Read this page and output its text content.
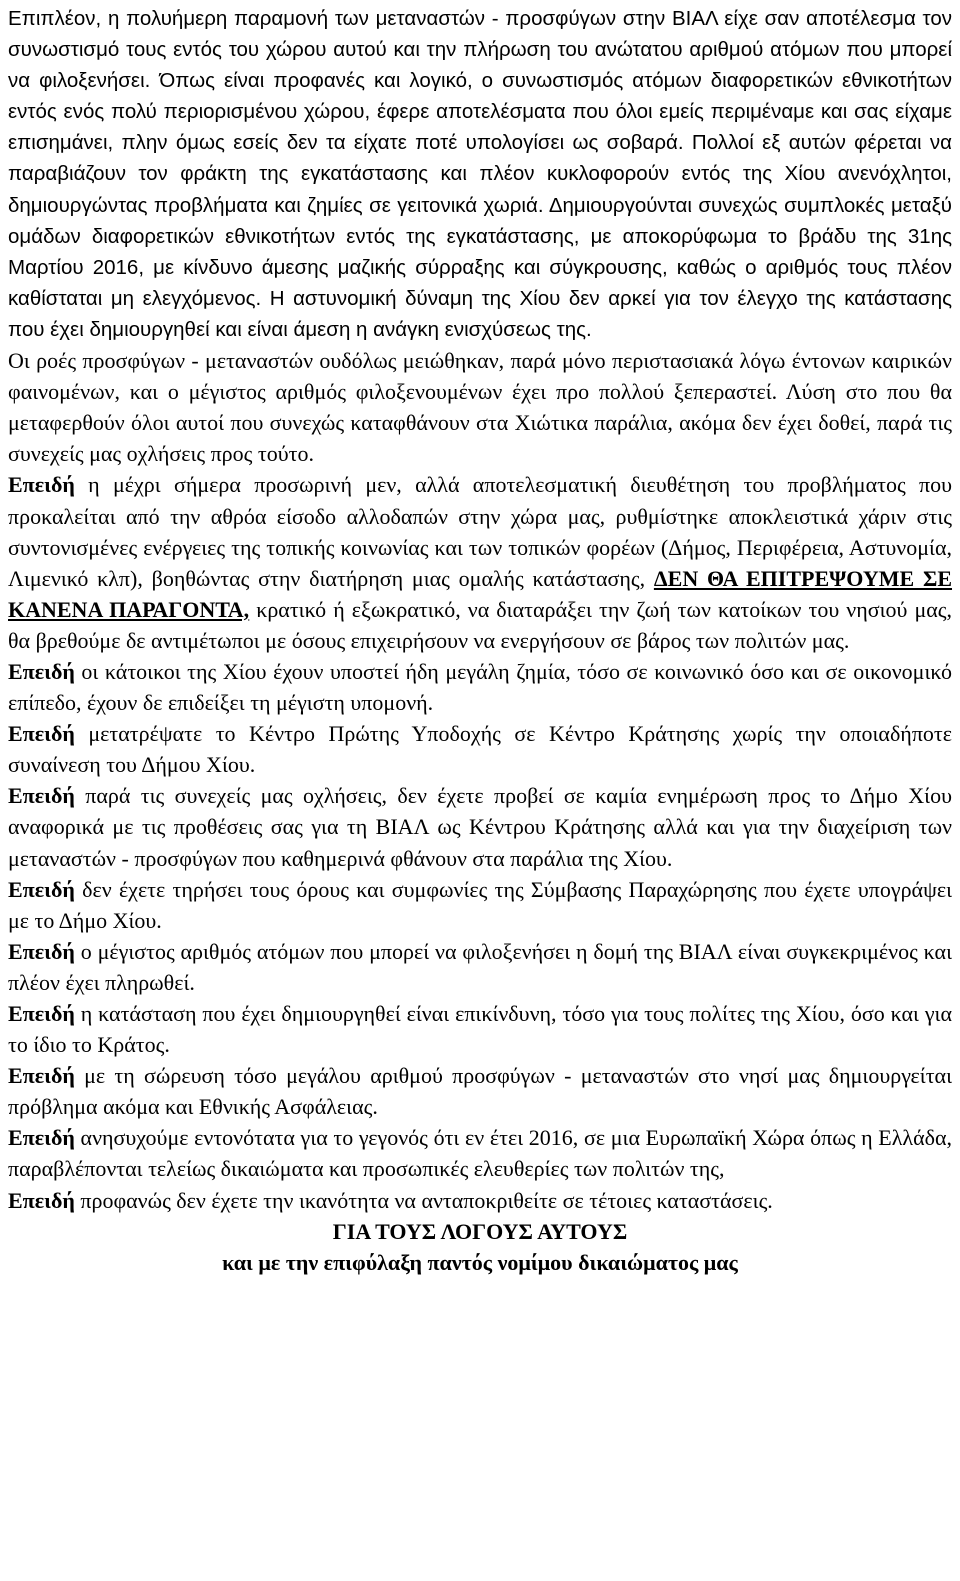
Επιπλέον, η πολυήμερη παραμονή των μεταναστών - προσφύγων στην ΒΙΑΛ είχε σαν αποτέλεσμα τον συνωστισμό τους εντός του χώρου αυτού και την πλήρωση του ανώτατου αριθμού ατόμων που μπορεί να φιλοξενήσει. Όπως είναι προφανές και λογικό, ο συνωστισμός ατόμων διαφορετικών εθνικοτήτων εντός ενός πολύ περιορισμένου χώρου, έφερε αποτελέσματα που όλοι εμείς περιμέναμε και σας είχαμε επισημάνει, πλην όμως εσείς δεν τα είχατε ποτέ υπολογίσει ως σοβαρά. Πολλοί εξ αυτών φέρεται να παραβιάζουν τον φράκτη της εγκατάστασης και πλέον κυκλοφορούν εντός της Χίου ανενόχλητοι, δημιουργώντας προβλήματα και ζημίες σε γειτονικά χωριά. Δημιουργούνται συνεχώς συμπλοκές μεταξύ ομάδων διαφορετικών εθνικοτήτων εντός της εγκατάστασης, με αποκορύφωμα το βράδυ της 31ης Μαρτίου 2016, με κίνδυνο άμεσης μαζικής σύρραξης και σύγκρουσης, καθώς ο αριθμός τους πλέον καθίσταται μη ελεγχόμενος. Η αστυνομική δύναμη της Χίου δεν αρκεί για τον έλεγχο της κατάστασης που έχει δημιουργηθεί και είναι άμεση η ανάγκη ενισχύσεως της.

Οι ροές προσφύγων - μεταναστών ουδόλως μειώθηκαν, παρά μόνο περιστασιακά λόγω έντονων καιρικών φαινομένων, και ο μέγιστος αριθμός φιλοξενουμένων έχει προ πολλού ξεπεραστεί. Λύση στο που θα μεταφερθούν όλοι αυτοί που συνεχώς καταφθάνουν στα Χιώτικα παράλια, ακόμα δεν έχει δοθεί, παρά τις συνεχείς μας οχλήσεις προς τούτο.

Επειδή η μέχρι σήμερα προσωρινή μεν, αλλά αποτελεσματική διευθέτηση του προβλήματος που προκαλείται από την αθρόα είσοδο αλλοδαπών στην χώρα μας, ρυθμίστηκε αποκλειστικά χάριν στις συντονισμένες ενέργειες της τοπικής κοινωνίας και των τοπικών φορέων (Δήμος, Περιφέρεια, Αστυνομία, Λιμενικό κλπ), βοηθώντας στην διατήρηση μιας ομαλής κατάστασης, ΔΕΝ ΘΑ ΕΠΙΤΡΕΨΟΥΜΕ ΣΕ ΚΑΝΕΝΑ ΠΑΡΑΓΟΝΤΑ, κρατικό ή εξωκρατικό, να διαταράξει την ζωή των κατοίκων του νησιού μας, θα βρεθούμε δε αντιμέτωποι με όσους επιχειρήσουν να ενεργήσουν σε βάρος των πολιτών μας.

Επειδή οι κάτοικοι της Χίου έχουν υποστεί ήδη μεγάλη ζημία, τόσο σε κοινωνικό όσο και σε οικονομικό επίπεδο, έχουν δε επιδείξει τη μέγιστη υπομονή.

Επειδή μετατρέψατε το Κέντρο Πρώτης Υποδοχής σε Κέντρο Κράτησης χωρίς την οποιαδήποτε συναίνεση του Δήμου Χίου.

Επειδή παρά τις συνεχείς μας οχλήσεις, δεν έχετε προβεί σε καμία ενημέρωση προς το Δήμο Χίου αναφορικά με τις προθέσεις σας για τη ΒΙΑΛ ως Κέντρου Κράτησης αλλά και για την διαχείριση των μεταναστών - προσφύγων που καθημερινά φθάνουν στα παράλια της Χίου.

Επειδή δεν έχετε τηρήσει τους όρους και συμφωνίες της Σύμβασης Παραχώρησης που έχετε υπογράψει με το Δήμο Χίου.

Επειδή ο μέγιστος αριθμός ατόμων που μπορεί να φιλοξενήσει η δομή της ΒΙΑΛ είναι συγκεκριμένος και πλέον έχει πληρωθεί.

Επειδή η κατάσταση που έχει δημιουργηθεί είναι επικίνδυνη, τόσο για τους πολίτες της Χίου, όσο και για το ίδιο το Κράτος.

Επειδή με τη σώρευση τόσο μεγάλου αριθμού προσφύγων - μεταναστών στο νησί μας δημιουργείται πρόβλημα ακόμα και Εθνικής Ασφάλειας.

Επειδή ανησυχούμε εντονότατα για το γεγονός ότι εν έτει 2016, σε μια Ευρωπαϊκή Χώρα όπως η Ελλάδα, παραβλέπονται τελείως δικαιώματα και προσωπικές ελευθερίες των πολιτών της,

Επειδή προφανώς δεν έχετε την ικανότητα να ανταποκριθείτε σε τέτοιες καταστάσεις.

ΓΙΑ ΤΟΥΣ ΛΟΓΟΥΣ ΑΥΤΟΥΣ

και με την επιφύλαξη παντός νομίμου δικαιώματος μας
